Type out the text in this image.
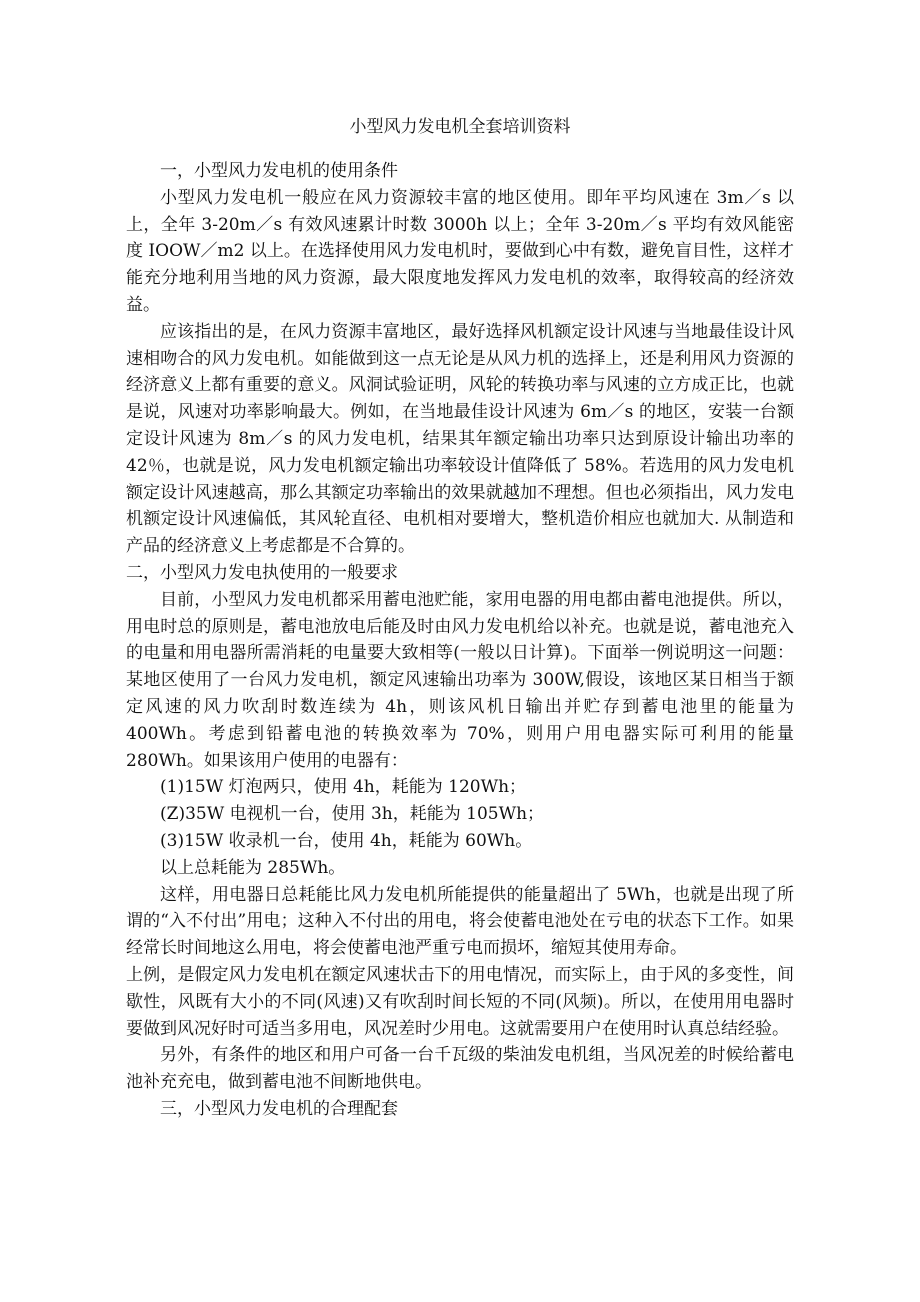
小型风力发电机全套培训资料

一，小型风力发电机的使用条件

小型风力发电机一般应在风力资源较丰富的地区使用。即年平均风速在 3m／s 以上，全年 3-20m／s 有效风速累计时数 3000h 以上；全年 3-20m／s 平均有效风能密度 IOOW／m2 以上。在选择使用风力发电机时，要做到心中有数，避免盲目性，这样才能充分地利用当地的风力资源，最大限度地发挥风力发电机的效率，取得较高的经济效益。

应该指出的是，在风力资源丰富地区，最好选择风机额定设计风速与当地最佳设计风速相吻合的风力发电机。如能做到这一点无论是从风力机的选择上，还是利用风力资源的经济意义上都有重要的意义。风洞试验证明，风轮的转换功率与风速的立方成正比，也就是说，风速对功率影响最大。例如，在当地最佳设计风速为 6m／s 的地区，安装一台额定设计风速为 8m／s 的风力发电机，结果其年额定输出功率只达到原设计输出功率的 42％，也就是说，风力发电机额定输出功率较设计值降低了 58%。若选用的风力发电机额定设计风速越高，那么其额定功率输出的效果就越加不理想。但也必须指出，风力发电机额定设计风速偏低，其风轮直径、电机相对要增大，整机造价相应也就加大. 从制造和产品的经济意义上考虑都是不合算的。

二，小型风力发电执使用的一般要求

目前，小型风力发电机都采用蓄电池贮能，家用电器的用电都由蓄电池提供。所以，用电时总的原则是，蓄电池放电后能及时由风力发电机给以补充。也就是说，蓄电池充入的电量和用电器所需消耗的电量要大致相等(一般以日计算)。下面举一例说明这一问题：某地区使用了一台风力发电机，额定风速输出功率为 300W,假设，该地区某日相当于额定风速的风力吹刮时数连续为 4h，则该风机日输出并贮存到蓄电池里的能量为 400Wh。考虑到铅蓄电池的转换效率为 70%，则用户用电器实际可利用的能量 280Wh。如果该用户使用的电器有：

(1)15W 灯泡两只，使用 4h，耗能为 120Wh；

(Z)35W 电视机一台，使用 3h，耗能为 105Wh；

(3)15W 收录机一台，使用 4h，耗能为 60Wh。

以上总耗能为 285Wh。

这样，用电器日总耗能比风力发电机所能提供的能量超出了 5Wh，也就是出现了所谓的“入不付出”用电；这种入不付出的用电，将会使蓄电池处在亏电的状态下工作。如果经常长时间地这么用电，将会使蓄电池严重亏电而损坏，缩短其使用寿命。

上例，是假定风力发电机在额定风速状击下的用电情况，而实际上，由于风的多变性，间歇性，风既有大小的不同(风速)又有吹刮时间长短的不同(风频)。所以，在使用用电器时要做到风况好时可适当多用电，风况差时少用电。这就需要用户在使用时认真总结经验。

另外，有条件的地区和用户可备一台千瓦级的柴油发电机组，当风况差的时候给蓄电池补充充电，做到蓄电池不间断地供电。

三，小型风力发电机的合理配套
